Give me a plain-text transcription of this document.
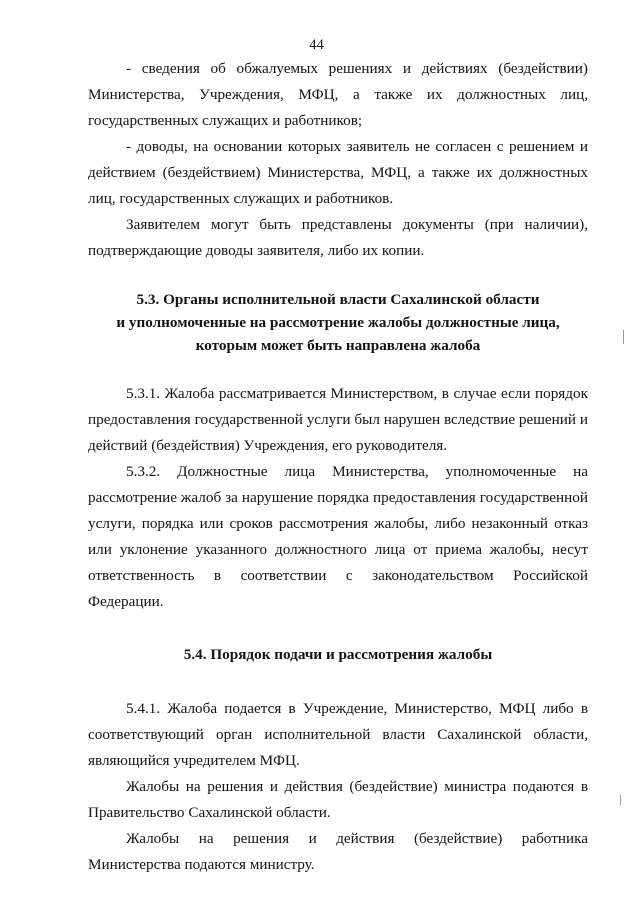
44

- сведения об обжалуемых решениях и действиях (бездействии) Министерства, Учреждения, МФЦ, а также их должностных лиц, государственных служащих и работников;

- доводы, на основании которых заявитель не согласен с решением и действием (бездействием) Министерства, МФЦ, а также их должностных лиц, государственных служащих и работников.

Заявителем могут быть представлены документы (при наличии), подтверждающие доводы заявителя, либо их копии.

5.3. Органы исполнительной власти Сахалинской области
и уполномоченные на рассмотрение жалобы должностные лица,
которым может быть направлена жалоба

5.3.1. Жалоба рассматривается Министерством, в случае если порядок предоставления государственной услуги был нарушен вследствие решений и действий (бездействия) Учреждения, его руководителя.

5.3.2. Должностные лица Министерства, уполномоченные на рассмотрение жалоб за нарушение порядка предоставления государственной услуги, порядка или сроков рассмотрения жалобы, либо незаконный отказ или уклонение указанного должностного лица от приема жалобы, несут ответственность в соответствии с законодательством Российской Федерации.

5.4. Порядок подачи и рассмотрения жалобы

5.4.1. Жалоба подается в Учреждение, Министерство, МФЦ либо в соответствующий орган исполнительной власти Сахалинской области, являющийся учредителем МФЦ.

Жалобы на решения и действия (бездействие) министра подаются в Правительство Сахалинской области.

Жалобы на решения и действия (бездействие) работника Министерства подаются министру.
